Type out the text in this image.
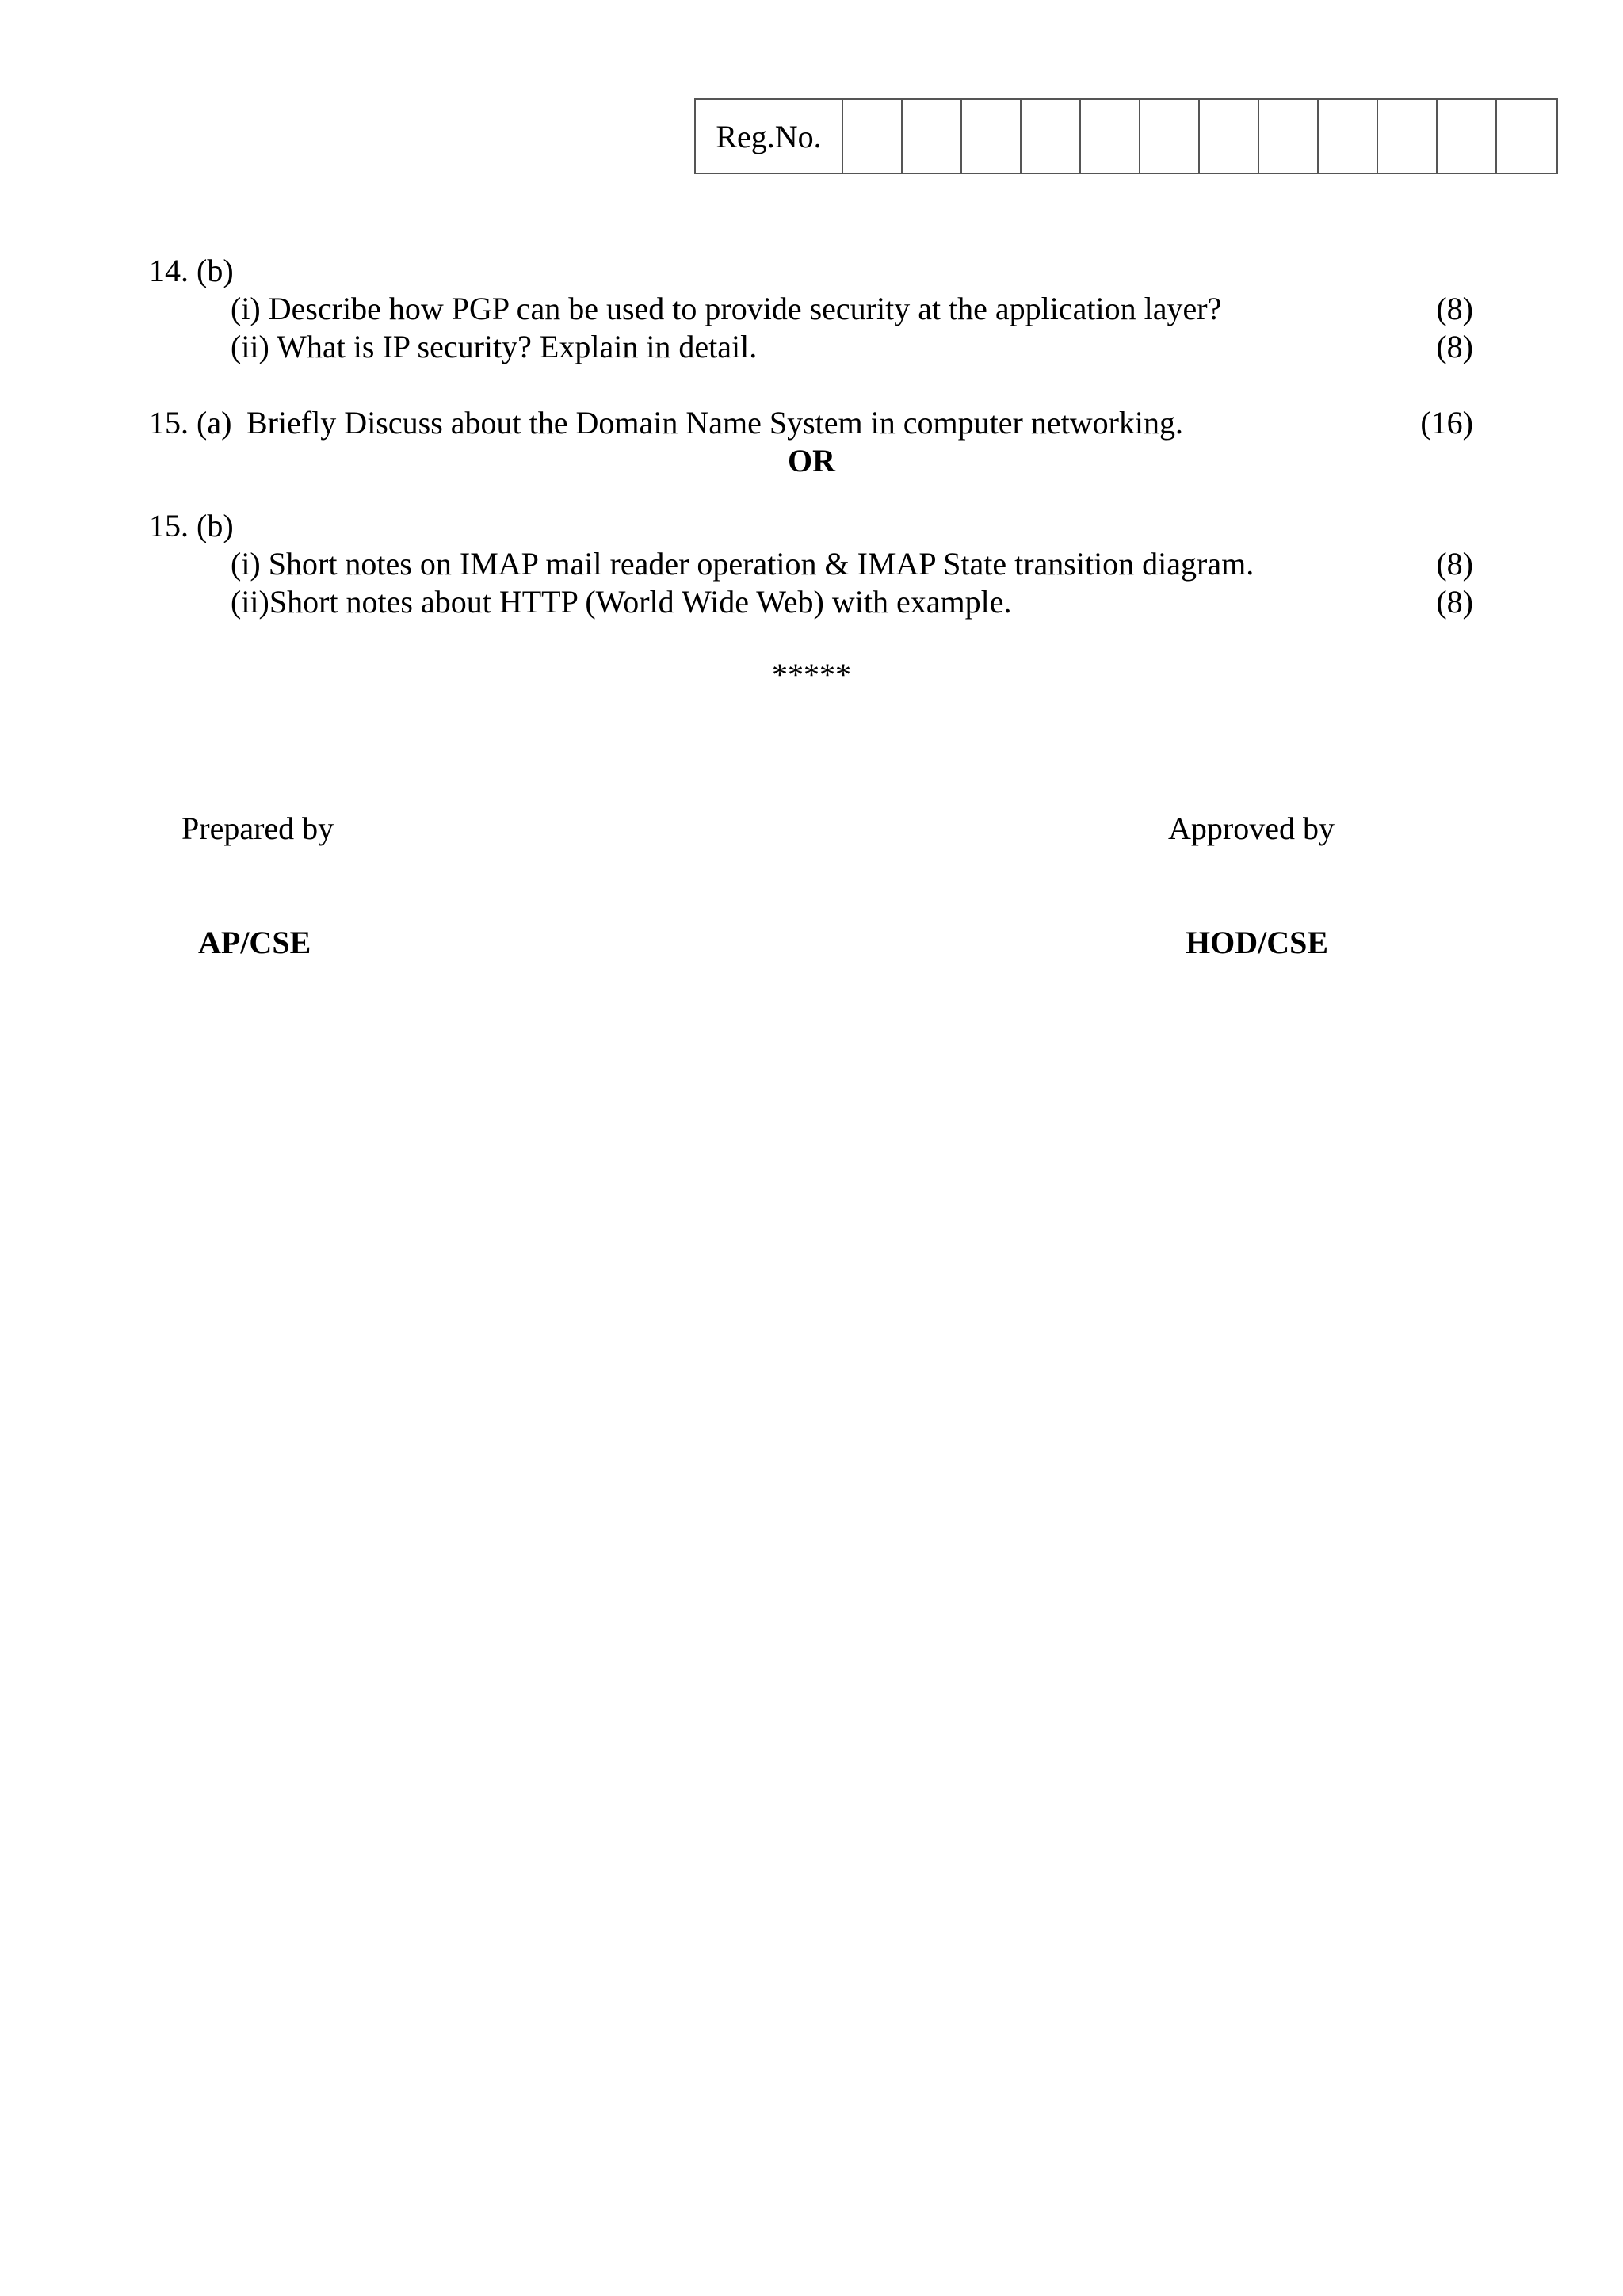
Reg.No.
14. (b)
(i) Describe how PGP can be used to provide security at the application layer?	(8)
(ii) What is IP security? Explain in detail.	(8)
15. (a) Briefly Discuss about the Domain Name System in computer networking.	(16)
OR
15. (b)
(i) Short notes on IMAP mail reader operation & IMAP State transition diagram.	(8)
(ii)Short notes about HTTP (World Wide Web) with example.	(8)
*****
Prepared by	Approved by
AP/CSE	HOD/CSE
